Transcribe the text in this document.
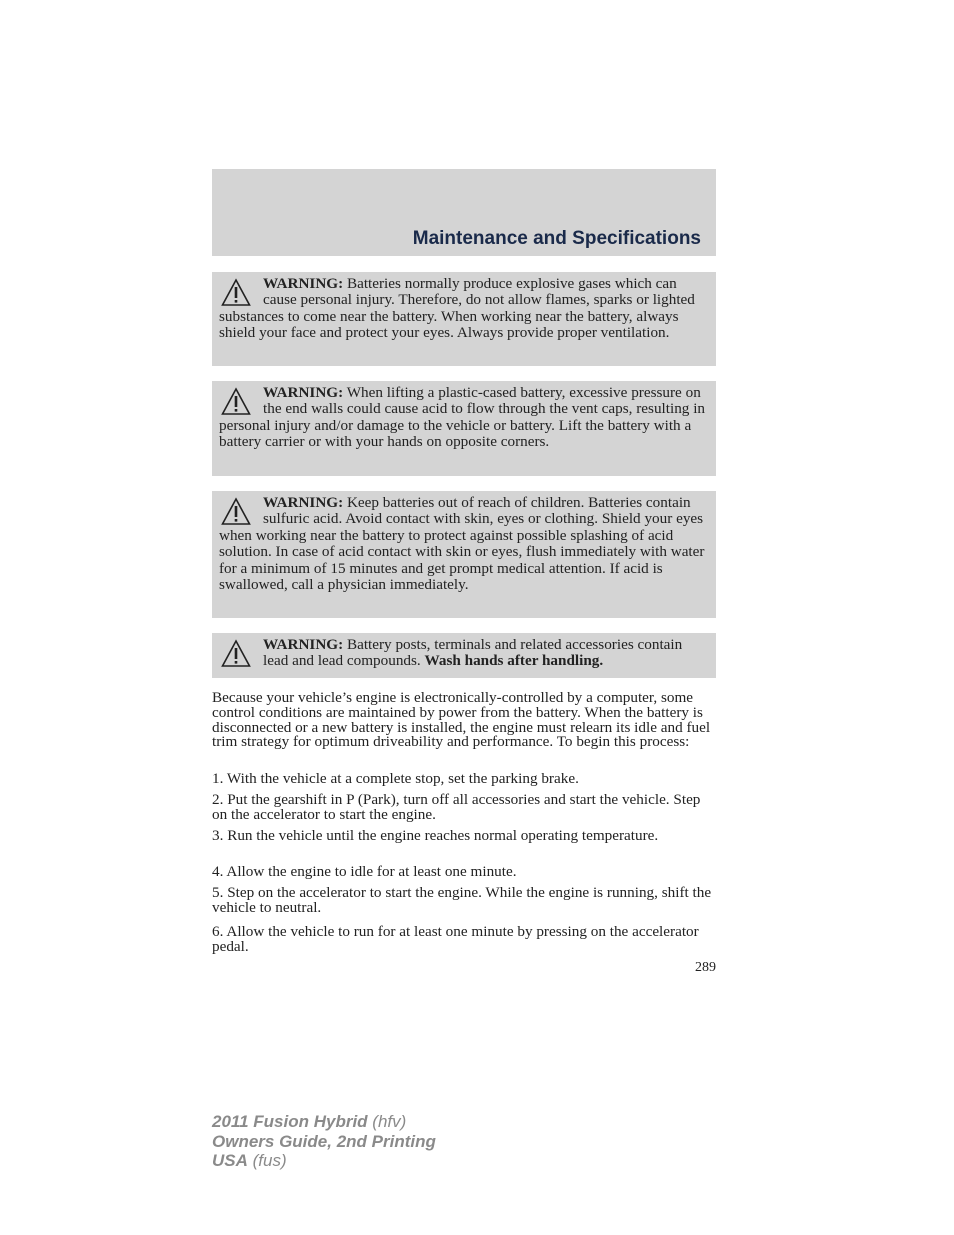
Maintenance and Specifications
WARNING: Batteries normally produce explosive gases which can cause personal injury. Therefore, do not allow flames, sparks or lighted substances to come near the battery. When working near the battery, always shield your face and protect your eyes. Always provide proper ventilation.
WARNING: When lifting a plastic-cased battery, excessive pressure on the end walls could cause acid to flow through the vent caps, resulting in personal injury and/or damage to the vehicle or battery. Lift the battery with a battery carrier or with your hands on opposite corners.
WARNING: Keep batteries out of reach of children. Batteries contain sulfuric acid. Avoid contact with skin, eyes or clothing. Shield your eyes when working near the battery to protect against possible splashing of acid solution. In case of acid contact with skin or eyes, flush immediately with water for a minimum of 15 minutes and get prompt medical attention. If acid is swallowed, call a physician immediately.
WARNING: Battery posts, terminals and related accessories contain lead and lead compounds. Wash hands after handling.
Because your vehicle’s engine is electronically-controlled by a computer, some control conditions are maintained by power from the battery. When the battery is disconnected or a new battery is installed, the engine must relearn its idle and fuel trim strategy for optimum driveability and performance. To begin this process:
1. With the vehicle at a complete stop, set the parking brake.
2. Put the gearshift in P (Park), turn off all accessories and start the vehicle. Step on the accelerator to start the engine.
3. Run the vehicle until the engine reaches normal operating temperature.
4. Allow the engine to idle for at least one minute.
5. Step on the accelerator to start the engine. While the engine is running, shift the vehicle to neutral.
6. Allow the vehicle to run for at least one minute by pressing on the accelerator pedal.
289
2011 Fusion Hybrid (hfv)
Owners Guide, 2nd Printing
USA (fus)
